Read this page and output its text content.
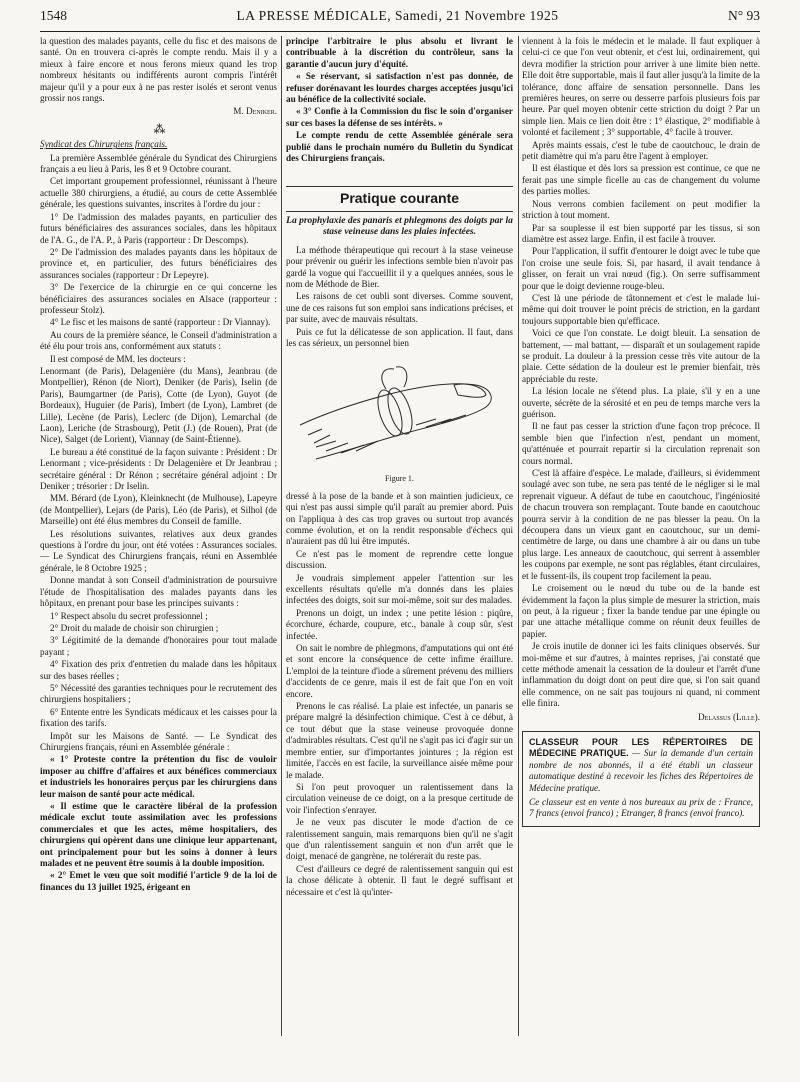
1548	LA PRESSE MÉDICALE, Samedi, 21 Novembre 1925	N° 93

la question des malades payants, celle du fisc et des maisons de santé. On en trouvera ci-après le compte rendu. Mais il y a mieux à faire encore et nous ferons mieux quand les trop nombreux hésitants ou indifférents auront compris l'intérêt majeur qu'il y a pour eux à ne pas rester isolés et seront venus grossir nos rangs.

M. Deniker.
⁂

Syndicat des Chirurgiens français.

La première Assemblée générale du Syndicat des Chirurgiens français a eu lieu à Paris, les 8 et 9 Octobre courant.

Cet important groupement professionnel, réunissant à l'heure actuelle 380 chirurgiens, a étudié, au cours de cette Assemblée générale, les questions suivantes, inscrites à l'ordre du jour :

1° De l'admission des malades payants, en particulier des futurs bénéficiaires des assurances sociales, dans les hôpitaux de l'A. G., de l'A. P., à Paris (rapporteur : Dr Descomps).

2° De l'admission des malades payants dans les hôpitaux de province et, en particulier, des futurs bénéficiaires des assurances sociales (rapporteur : Dr Lepeyre).

3° De l'exercice de la chirurgie en ce qui concerne les bénéficiaires des assurances sociales en Alsace (rapporteur : professeur Stolz).

4° Le fisc et les maisons de santé (rapporteur : Dr Viannay).

Au cours de la première séance, le Conseil d'administration a été élu pour trois ans, conformément aux statuts :

Il est composé de MM. les docteurs :

Lenormant (de Paris), Delagenière (du Mans), Jeanbrau (de Montpellier), Rénon (de Niort), Deniker (de Paris), Iselin (de Paris), Baumgartner (de Paris), Cotte (de Lyon), Guyot (de Bordeaux), Huguier (de Paris), Imbert (de Lyon), Lambret (de Lille), Lecène (de Paris), Leclerc (de Dijon), Lemarchal (de Laon), Leriche (de Strasbourg), Petit (J.) (de Rouen), Prat (de Nice), Salget (de Lorient), Viannay (de Saint-Étienne).

Le bureau a été constitué de la façon suivante : Président : Dr Lenormant ; vice-présidents : Dr Delagenière et Dr Jeanbrau ; secrétaire général : Dr Rénon ; secrétaire général adjoint : Dr Deniker ; trésorier : Dr Iselin.

MM. Bérard (de Lyon), Kleinknecht (de Mulhouse), Lapeyre (de Montpellier), Lejars (de Paris), Léo (de Paris), et Silhol (de Marseille) ont été élus membres du Conseil de famille.

Les résolutions suivantes, relatives aux deux grandes questions à l'ordre du jour, ont été votées : Assurances sociales. — Le Syndicat des Chirurgiens français, réuni en Assemblée générale, le 8 Octobre 1925 ;

Donne mandat à son Conseil d'administration de poursuivre l'étude de l'hospitalisation des malades payants dans les hôpitaux, en prenant pour base les principes suivants :

1° Respect absolu du secret professionnel ;

2° Droit du malade de choisir son chirurgien ;

3° Légitimité de la demande d'honoraires pour tout malade payant ;

4° Fixation des prix d'entretien du malade dans les hôpitaux sur des bases réelles ;

5° Nécessité des garanties techniques pour le recrutement des chirurgiens hospitaliers ;

6° Entente entre les Syndicats médicaux et les caisses pour la fixation des tarifs.

Impôt sur les Maisons de Santé. — Le Syndicat des Chirurgiens français, réuni en Assemblée générale :

« 1° Proteste contre la prétention du fisc de vouloir imposer au chiffre d'affaires et aux bénéfices commerciaux et industriels les honoraires perçus par les chirurgiens dans leur maison de santé pour acte médical.

« Il estime que le caractère libéral de la profession médicale exclut toute assimilation avec les professions commerciales et que les actes, même hospitaliers, des chirurgiens qui opèrent dans une clinique leur appartenant, ont principalement pour but les soins à donner à leurs malades et ne peuvent être soumis à la double imposition.

« 2° Emet le vœu que soit modifié l'article 9 de la loi de finances du 13 juillet 1925, érigeant en

principe l'arbitraire le plus absolu et livrant le contribuable à la discrétion du contrôleur, sans la garantie d'aucun jury d'équité.

« Se réservant, si satisfaction n'est pas donnée, de refuser dorénavant les lourdes charges acceptées jusqu'ici au bénéfice de la collectivité sociale.

« 3° Confie à la Commission du fisc le soin d'organiser sur ces bases la défense de ses intérêts. »

Le compte rendu de cette Assemblée générale sera publié dans le prochain numéro du Bulletin du Syndicat des Chirurgiens français.

Pratique courante
La prophylaxie des panaris et phlegmons des doigts par la stase veineuse dans les plaies infectées.

La méthode thérapeutique qui recourt à la stase veineuse pour prévenir ou guérir les infections semble bien n'avoir pas gardé la vogue qui l'accueillit il y a quelques années, sous le nom de Méthode de Bier.

Les raisons de cet oubli sont diverses. Comme souvent, une de ces raisons fut son emploi sans indications précises, et par suite, avec de mauvais résultats.

Puis ce fut la délicatesse de son application. Il faut, dans les cas sérieux, un personnel bien

Figure 1.

dressé à la pose de la bande et à son maintien judicieux, ce qui n'est pas aussi simple qu'il paraît au premier abord. Puis on l'appliqua à des cas trop graves ou surtout trop avancés comme évolution, et on la rendit responsable d'échecs qui n'auraient pas dû lui être imputés.

Ce n'est pas le moment de reprendre cette longue discussion.

Je voudrais simplement appeler l'attention sur les excellents résultats qu'elle m'a donnés dans les plaies infectées des doigts, soit sur moi-même, soit sur des malades.

Prenons un doigt, un index ; une petite lésion : piqûre, écorchure, écharde, coupure, etc., banale à coup sûr, s'est infectée.

On sait le nombre de phlegmons, d'amputations qui ont été et sont encore la conséquence de cette infime éraillure. L'emploi de la teinture d'iode a sûrement prévenu des milliers d'accidents de ce genre, mais il est de fait que l'on en voit encore.

Prenons le cas réalisé. La plaie est infectée, un panaris se prépare malgré la désinfection chimique. C'est à ce début, à ce tout début que la stase veineuse provoquée donne d'admirables résultats. C'est qu'il ne s'agit pas ici d'agir sur un membre entier, sur d'importantes jointures ; la région est limitée, l'accès en est facile, la surveillance aisée même pour le malade.

Si l'on peut provoquer un ralentissement dans la circulation veineuse de ce doigt, on a la presque certitude de voir l'infection s'enrayer.

Je ne veux pas discuter le mode d'action de ce ralentissement sanguin, mais remarquons bien qu'il ne s'agit que d'un ralentissement sanguin et non d'un arrêt que le doigt, menacé de gangrène, ne tolérerait du reste pas.

C'est d'ailleurs ce degré de ralentissement sanguin qui est la chose délicate à obtenir. Il faut le degré suffisant et nécessaire et c'est là qu'inter-

viennent à la fois le médecin et le malade. Il faut expliquer à celui-ci ce que l'on veut obtenir, et c'est lui, ordinairement, qui devra modifier la striction pour arriver à une limite bien nette. Elle doit être supportable, mais il faut aller jusqu'à la limite de la tolérance, donc affaire de sensation personnelle. Dans les premières heures, on serre ou desserre parfois plusieurs fois par heure. Par quel moyen obtenir cette striction du doigt ? Par un simple lien. Mais ce lien doit être : 1° élastique, 2° modifiable à volonté et facilement ; 3° supportable, 4° facile à trouver.

Après maints essais, c'est le tube de caoutchouc, le drain de petit diamètre qui m'a paru être l'agent à employer.

Il est élastique et dès lors sa pression est continue, ce que ne ferait pas une simple ficelle au cas de changement du volume des parties molles.

Nous verrons combien facilement on peut modifier la striction à tout moment.

Par sa souplesse il est bien supporté par les tissus, si son diamètre est assez large. Enfin, il est facile à trouver.

Pour l'application, il suffit d'entourer le doigt avec le tube que l'on croise une seule fois. Si, par hasard, il avait tendance à glisser, on ferait un vrai nœud (fig.). On serre suffisamment pour que le doigt devienne rouge-bleu.

C'est là une période de tâtonnement et c'est le malade lui-même qui doit trouver le point précis de striction, en la gardant toujours supportable bien qu'efficace.

Voici ce que l'on constate. Le doigt bleuit. La sensation de battement, — mal battant, — disparaît et un soulagement rapide se produit. La douleur à la pression cesse très vite autour de la plaie. Cette sédation de la douleur est le premier bienfait, très appréciable du reste.

La lésion locale ne s'étend plus. La plaie, s'il y en a une ouverte, sécrète de la sérosité et en peu de temps marche vers la guérison.

Il ne faut pas cesser la striction d'une façon trop précoce. Il semble bien que l'infection n'est, pendant un moment, qu'atténuée et pourrait repartir si la circulation reprenait son cours normal.

C'est là affaire d'espèce. Le malade, d'ailleurs, si évidemment soulagé avec son tube, ne sera pas tenté de le négliger si le mal reprenait vigueur. A défaut de tube en caoutchouc, l'ingéniosité de chacun trouvera son remplaçant. Toute bande en caoutchouc pourra servir à la condition de ne pas blesser la peau. On la découpera dans un vieux gant en caoutchouc, sur un demi-centimètre de large, ou dans une chambre à air ou dans un tube plus large. Les anneaux de caoutchouc, qui serrent à assembler les coupons par exemple, ne sont pas réglables, étant circulaires, et le fussent-ils, ils coupent trop facilement la peau.

Le croisement ou le nœud du tube ou de la bande est évidemment la façon la plus simple de mesurer la striction, mais on peut, à la rigueur ; fixer la bande tendue par une épingle ou par une attache métallique comme on réunit deux feuilles de papier.

Je crois inutile de donner ici les faits cliniques observés. Sur moi-même et sur d'autres, à maintes reprises, j'ai constaté que cette méthode amenait la cessation de la douleur et l'arrêt d'une inflammation du doigt dont on peut dire que, si l'on sait quand elle commence, on ne sait pas toujours ni quand, ni comment elle finira.

Delassus (Lille).
CLASSEUR POUR LES RÉPERTOIRES DE MÉDECINE PRATIQUE. — Sur la demande d'un certain nombre de nos abonnés, il a été établi un classeur automatique destiné à recevoir les fiches des Répertoires de Médecine pratique.

Ce classeur est en vente à nos bureaux au prix de : France, 7 francs (envoi franco) ; Etranger, 8 francs (envoi franco).
